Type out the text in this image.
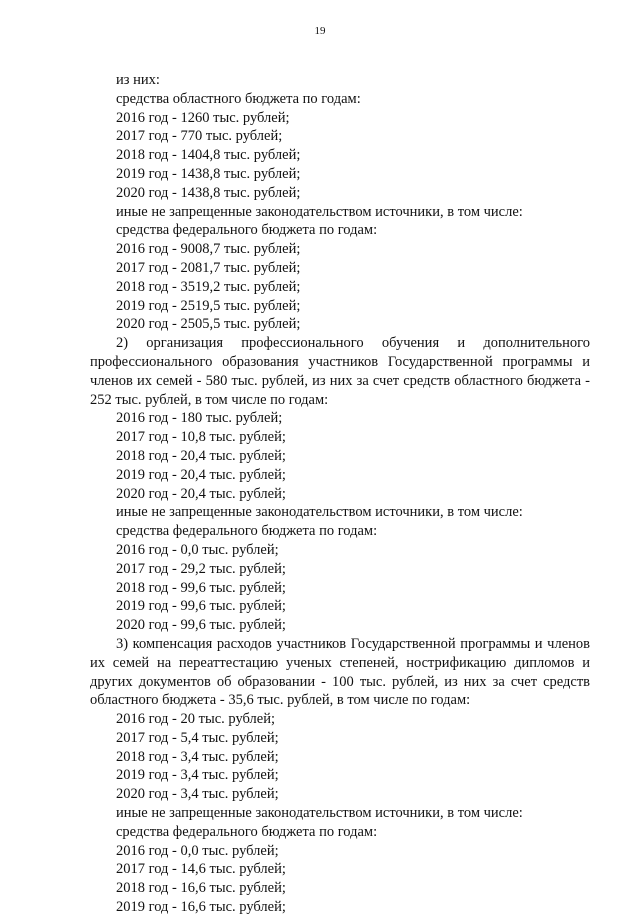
19

из них:

средства областного бюджета по годам:

2016 год - 1260 тыс. рублей;

2017 год - 770 тыс. рублей;

2018 год - 1404,8 тыс. рублей;

2019 год - 1438,8 тыс. рублей;

2020 год - 1438,8 тыс. рублей;

иные не запрещенные законодательством источники, в том числе:

средства федерального бюджета по годам:

2016 год - 9008,7 тыс. рублей;

2017 год - 2081,7 тыс. рублей;

2018 год - 3519,2 тыс. рублей;

2019 год - 2519,5 тыс. рублей;

2020 год - 2505,5 тыс. рублей;

2) организация профессионального обучения и дополнительного профессионального образования участников Государственной программы и членов их семей - 580 тыс. рублей, из них за счет средств областного бюджета - 252 тыс. рублей, в том числе по годам:

2016 год - 180 тыс. рублей;

2017 год - 10,8 тыс. рублей;

2018 год - 20,4 тыс. рублей;

2019 год - 20,4 тыс. рублей;

2020 год - 20,4 тыс. рублей;

иные не запрещенные законодательством источники, в том числе:

средства федерального бюджета по годам:

2016 год - 0,0 тыс. рублей;

2017 год - 29,2 тыс. рублей;

2018 год - 99,6 тыс. рублей;

2019 год - 99,6 тыс. рублей;

2020 год - 99,6 тыс. рублей;

3) компенсация расходов участников Государственной программы и членов их семей на переаттестацию ученых степеней, нострификацию дипломов и других документов об образовании - 100 тыс. рублей, из них за счет средств областного бюджета - 35,6 тыс. рублей, в том числе по годам:

2016 год - 20 тыс. рублей;

2017 год - 5,4 тыс. рублей;

2018 год - 3,4 тыс. рублей;

2019 год - 3,4 тыс. рублей;

2020 год - 3,4 тыс. рублей;

иные не запрещенные законодательством источники, в том числе:

средства федерального бюджета по годам:

2016 год - 0,0 тыс. рублей;

2017 год - 14,6 тыс. рублей;

2018 год - 16,6 тыс. рублей;

2019 год - 16,6 тыс. рублей;
